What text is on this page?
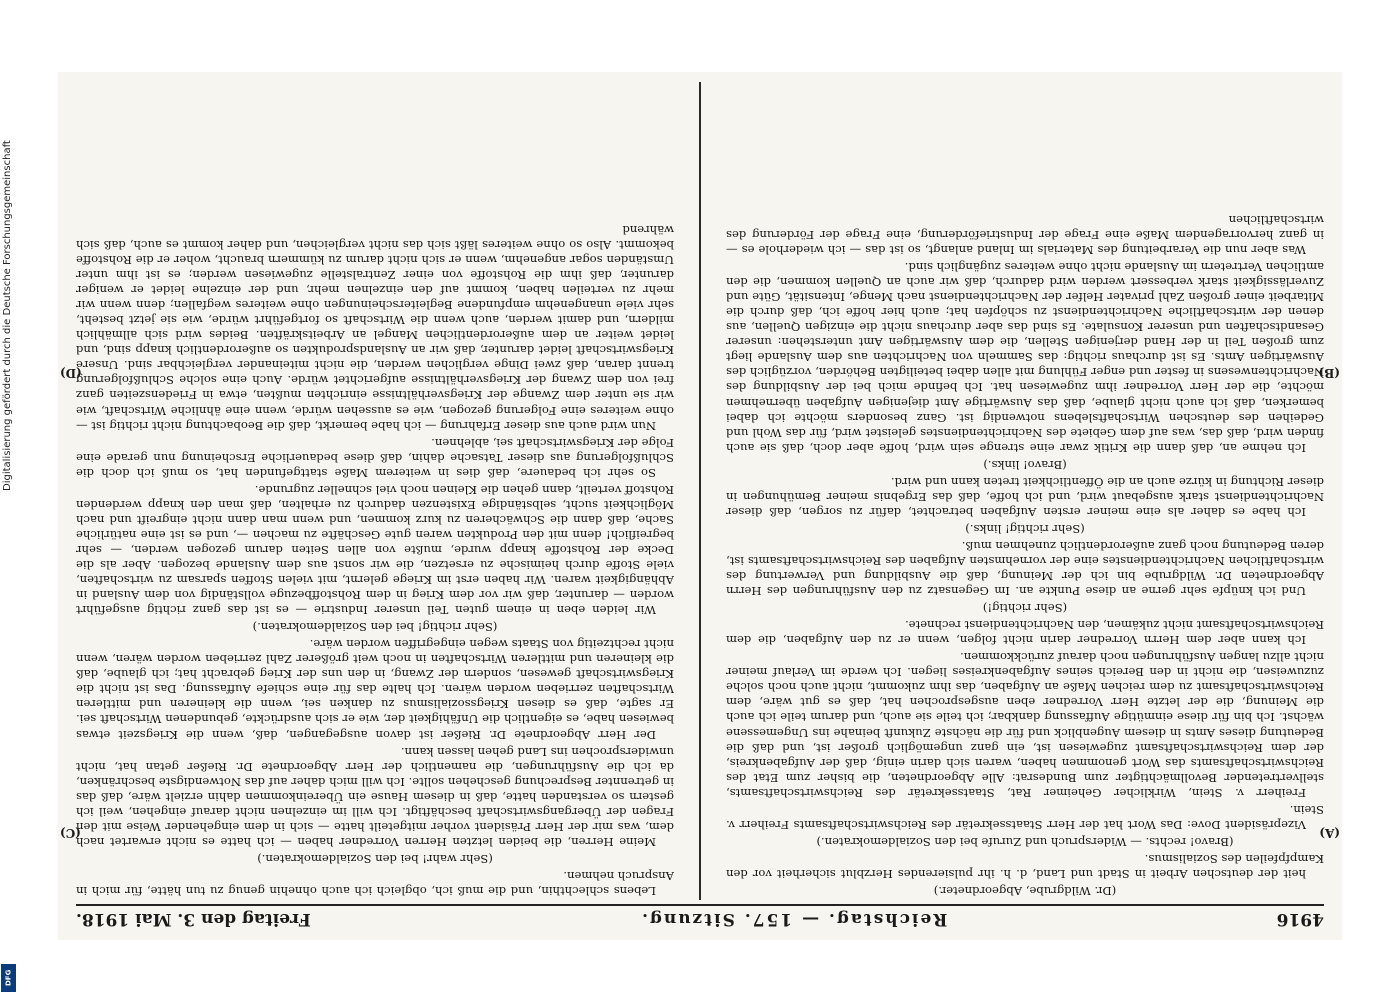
4916
Reichstag. — 157. Sitzung.
Freitag den 3. Mai 1918.

(Dr. Wildgrube, Abgeordneter.)

heit der deutschen Arbeit in Stadt und Land, d. h. ihr pulsierendes Herzblut sicherheit vor den Kampfpfeilen des Sozialismus.

(Bravo! rechts. — Widerspruch und Zurufe bei den Sozialdemokraten.)

Vizepräsident Dove: Das Wort hat der Herr Staatssekretär des Reichswirtschaftsamts Freiherr v. Stein.

Freiherr v. Stein, Wirklicher Geheimer Rat, Staatssekretär des Reichswirtschaftsamts, stellvertretender Bevollmächtigter zum Bundesrat: Alle Abgeordneten, die bisher zum Etat des Reichswirtschaftsamts das Wort genommen haben, waren sich darin einig, daß der Aufgabenkreis, der dem Reichswirtschaftsamt zugewiesen ist, ein ganz ungemöglich großer ist, und daß die Bedeutung dieses Amts in diesem Augenblick und für die nächste Zukunft beinahe ins Ungemessene wächst. Ich bin für diese einmütige Auffassung dankbar; ich teile sie auch, und darum teile ich auch die Meinung, die der letzte Herr Vorredner eben ausgesprochen hat, daß es gut wäre, dem Reichswirtschaftsamt zu dem reichen Maße an Aufgaben, das ihm zukommt, nicht auch noch solche zuzuweisen, die nicht in den Bereich seines Aufgabenkreises liegen. Ich werde im Verlauf meiner nicht allzu langen Ausführungen noch darauf zurückkommen.

Ich kann aber dem Herrn Vorredner darin nicht folgen, wenn er zu den Aufgaben, die dem Reichswirtschaftsamt nicht zukämen, den Nachrichtendienst rechnete.

(Sehr richtig!)

Und ich knüpfe sehr gerne an diese Punkte an. Im Gegensatz zu den Ausführungen des Herrn Abgeordneten Dr. Wildgrube bin ich der Meinung, daß die Ausbildung und Verwertung des wirtschaftlichen Nachrichtendienstes eine der vornehmsten Aufgaben des Reichswirtschaftsamts ist, deren Bedeutung noch ganz außerordentlich zunehmen muß.

(Sehr richtig! links.)

Ich habe es daher als eine meiner ersten Aufgaben betrachtet, dafür zu sorgen, daß dieser Nachrichtendienst stark ausgebaut wird, und ich hoffe, daß das Ergebnis meiner Bemühungen in dieser Richtung in kürze auch an die Öffentlichkeit treten kann und wird.

(Bravo! links.)

Ich nehme an, daß dann die Kritik zwar eine strenge sein wird, hoffe aber doch, daß sie auch finden wird, daß das, was auf dem Gebiete des Nachrichtendienstes geleistet wird, für das Wohl und Gedeihen des deutschen Wirtschaftslebens notwendig ist. Ganz besonders möchte ich dabei bemerken, daß ich auch nicht glaube, daß das Auswärtige Amt diejenigen Aufgaben übernehmen möchte, die der Herr Vorredner ihm zugewiesen hat. Ich befinde mich bei der Ausbildung des Nachrichtenwesens in fester und enger Fühlung mit allen dabei beteiligten Behörden, vorzüglich des Auswärtigen Amts. Es ist durchaus richtig: das Sammeln von Nachrichten aus dem Auslande liegt zum großen Teil in der Hand derjenigen Stellen, die dem Auswärtigen Amt unterstehen: unserer Gesandtschaften und unserer Konsulate. Es sind das aber durchaus nicht die einzigen Quellen, aus denen der wirtschaftliche Nachrichtendienst zu schöpfen hat; auch hier hoffe ich, daß durch die Mitarbeit einer großen Zahl privater Helfer der Nachrichtendienst nach Menge, Intensität, Güte und Zuverlässigkeit stark verbessert werden wird dadurch, daß wir auch an Quellen kommen, die den amtlichen Vertretern im Auslande nicht ohne weiteres zugänglich sind.

Was aber nun die Verarbeitung des Materials im Inland anlangt, so ist das — ich wiederhole es — in ganz hervorragendem Maße eine Frage der Industrieförderung, eine Frage der Förderung des wirtschaftlichen

Lebens schlechthin, und die muß ich, obgleich ich auch ohnehin genug zu tun hätte, für mich in Anspruch nehmen.

(Sehr wahr! bei den Sozialdemokraten.)

Meine Herren, die beiden letzten Herren Vorredner haben — ich hatte es nicht erwartet nach dem, was mir der Herr Präsident vorher mitgeteilt hatte — sich in dem eingehender Weise mit den Fragen der Übergangswirtschaft beschäftigt. Ich will im einzelnen nicht darauf eingehen, weil ich gestern so verstanden hatte, daß in diesem Hause ein Übereinkommen dahin erzielt wäre, daß das in getrennter Besprechung geschehen sollte. Ich will mich daher auf das Notwendigste beschränken, da ich die Ausführungen, die namentlich der Herr Abgeordnete Dr. Rießer getan hat, nicht unwidersprochen ins Land gehen lassen kann.

Der Herr Abgeordnete Dr. Rießer ist davon ausgegangen, daß, wenn die Kriegszeit etwas bewiesen habe, es eigentlich die Unfähigkeit der, wie er sich ausdrückte, gebundenen Wirtschaft sei. Er sagte, daß es diesen Kriegssozialismus zu danken sei, wenn die kleineren und mittleren Wirtschaften zerrieben worden wären. Ich halte das für eine schiefe Auffassung. Das ist nicht die Kriegswirtschaft gewesen, sondern der Zwang, in den uns der Krieg gebracht hat; ich glaube, daß die kleineren und mittleren Wirtschaften in noch weit größerer Zahl zerrieben worden wären, wenn nicht rechtzeitig von Staats wegen eingegriffen worden wäre.

(Sehr richtig! bei den Sozialdemokraten.)

Wir leiden eben in einem guten Teil unserer Industrie — es ist das ganz richtig ausgeführt worden — darunter, daß wir vor dem Krieg in dem Rohstoffbezuge vollständig von dem Ausland in Abhängigkeit waren. Wir haben erst im Kriege gelernt, mit vielen Stoffen sparsam zu wirtschaften, viele Stoffe durch heimische zu ersetzen, die wir sonst aus dem Auslande bezogen. Aber als die Decke der Rohstoffe knapp wurde, mußte von allen Seiten darum gezogen werden, — sehr begreiflich! denn mit den Produkten waren gute Geschäfte zu machen —, und es ist eine natürliche Sache, daß dann die Schwächeren zu kurz kommen, und wenn man dann nicht eingreift und nach Möglichkeit sucht, selbständige Existenzen dadurch zu erhalten, daß man den knapp werdenden Rohstoff verteilt, dann gehen die Kleinen noch viel schneller zugrunde.

So sehr ich bedauere, daß dies in weiterem Maße stattgefunden hat, so muß ich doch die Schlußfolgerung aus dieser Tatsache dahin, daß diese bedauerliche Erscheinung nun gerade eine Folge der Kriegswirtschaft sei, ablehnen.

Nun wird auch aus dieser Erfahrung — ich habe bemerkt, daß die Beobachtung nicht richtig ist — ohne weiteres eine Folgerung gezogen, wie es aussehen würde, wenn eine ähnliche Wirtschaft, wie wir sie unter dem Zwange der Kriegsverhältnisse einrichten mußten, etwa in Friedenszeiten ganz frei von dem Zwang der Kriegsverhältnisse aufgerichtet würde. Auch eine solche Schlußfolgerung trennt daran, daß zwei Dinge verglichen werden, die nicht miteinander vergleichbar sind. Unsere Kriegswirtschaft leidet darunter, daß wir an Auslandsprodukten so außerordentlich knapp sind, und leidet weiter an dem außerordentlichen Mangel an Arbeitskräften. Beides wird sich allmählich mildern, und damit werden, auch wenn die Wirtschaft so fortgeführt würde, wie sie jetzt besteht, sehr viele unangenehm empfundene Begleiterscheinungen ohne weiteres wegfallen; denn wenn wir mehr zu verteilen haben, kommt auf den einzelnen mehr, und der einzelne leidet er weniger darunter, daß ihm die Rohstoffe von einer Zentralstelle zugewiesen werden; es ist ihm unter Umständen sogar angenehm, wenn er sich nicht darum zu kümmern braucht, woher er die Rohstoffe bekommt. Also so ohne weiteres läßt sich das nicht vergleichen, und daher kommt es auch, daß sich während

(A)
(B)
(C)
(D)
Digitalisierung gefördert durch die Deutsche Forschungsgemeinschaft
DFG
